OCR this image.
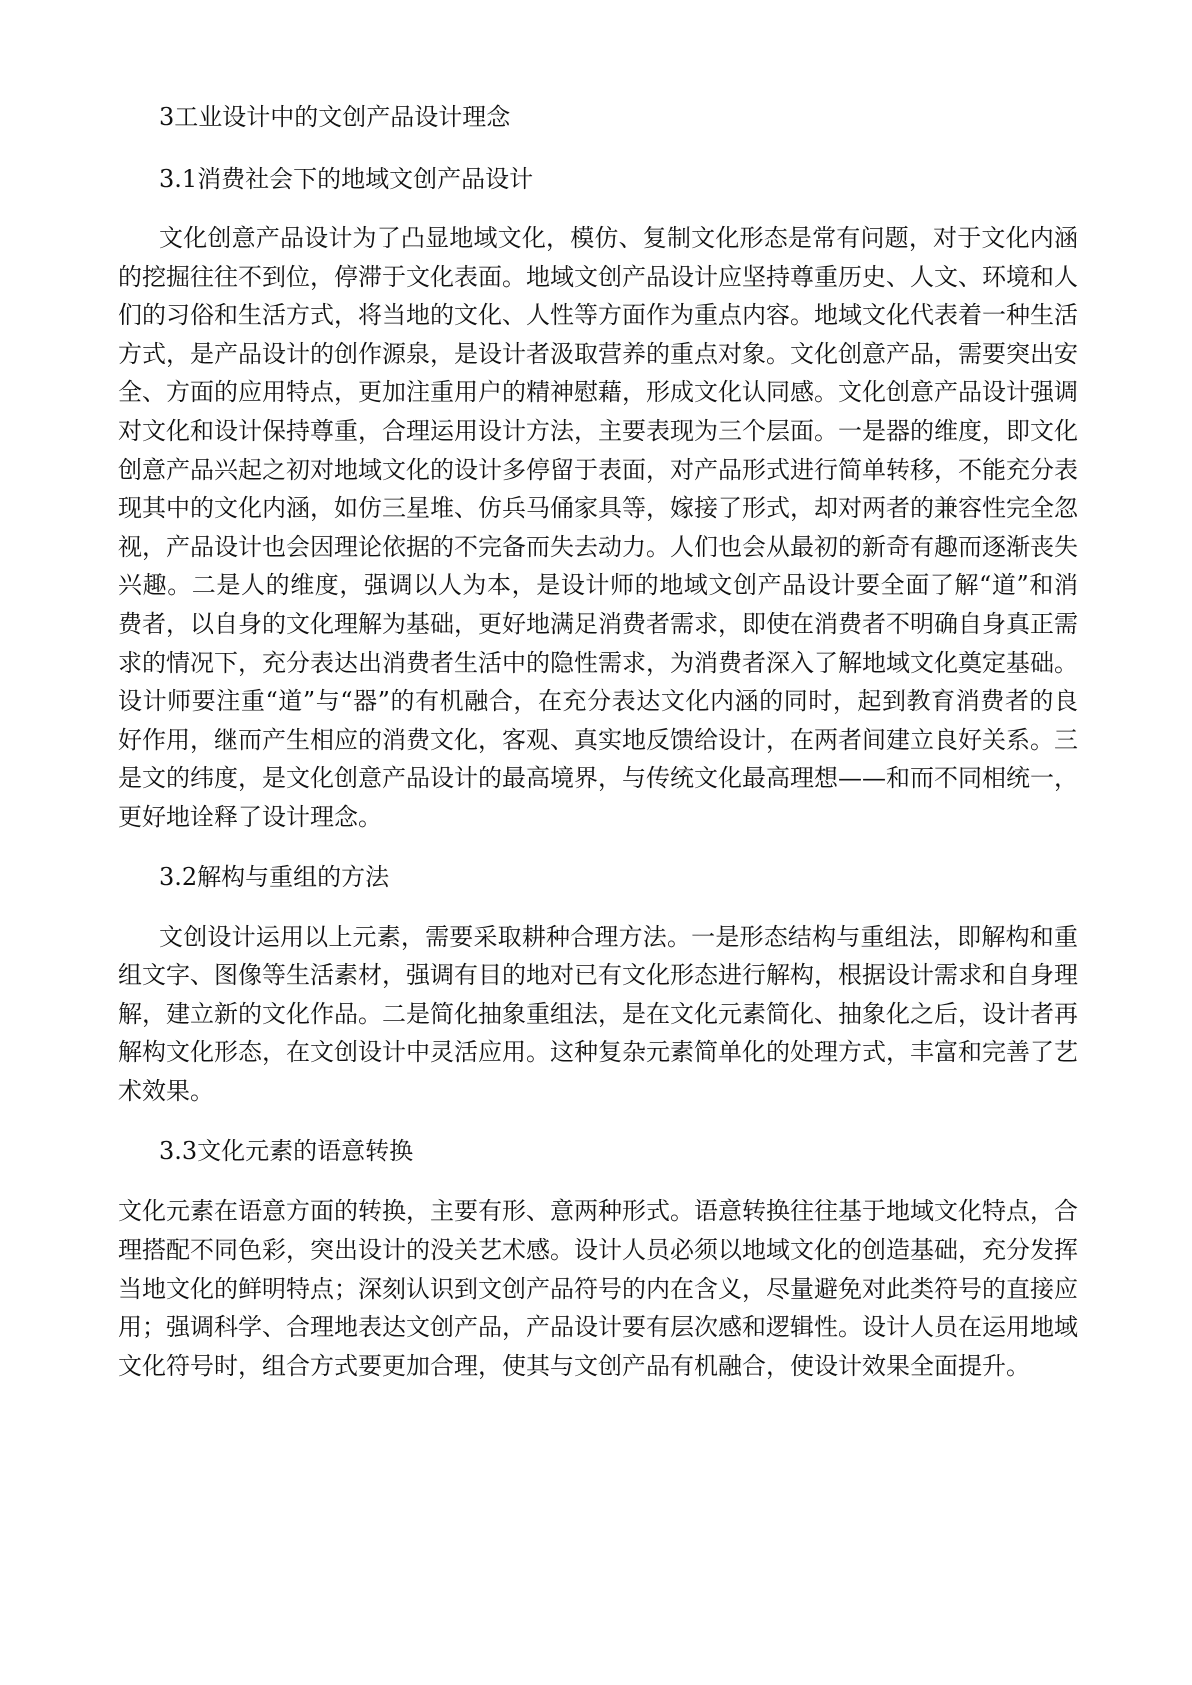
3工业设计中的文创产品设计理念
3.1消费社会下的地域文创产品设计

文化创意产品设计为了凸显地域文化，模仿、复制文化形态是常有问题，对于文化内涵的挖掘往往不到位，停滞于文化表面。地域文创产品设计应坚持尊重历史、人文、环境和人们的习俗和生活方式，将当地的文化、人性等方面作为重点内容。地域文化代表着一种生活方式，是产品设计的创作源泉，是设计者汲取营养的重点对象。文化创意产品，需要突出安全、方面的应用特点，更加注重用户的精神慰藉，形成文化认同感。文化创意产品设计强调对文化和设计保持尊重，合理运用设计方法，主要表现为三个层面。一是器的维度，即文化创意产品兴起之初对地域文化的设计多停留于表面，对产品形式进行简单转移，不能充分表现其中的文化内涵，如仿三星堆、仿兵马俑家具等，嫁接了形式，却对两者的兼容性完全忽视，产品设计也会因理论依据的不完备而失去动力。人们也会从最初的新奇有趣而逐渐丧失兴趣。二是人的维度，强调以人为本，是设计师的地域文创产品设计要全面了解“道”和消费者，以自身的文化理解为基础，更好地满足消费者需求，即使在消费者不明确自身真正需求的情况下，充分表达出消费者生活中的隐性需求，为消费者深入了解地域文化奠定基础。设计师要注重“道”与“器”的有机融合，在充分表达文化内涵的同时，起到教育消费者的良好作用，继而产生相应的消费文化，客观、真实地反馈给设计，在两者间建立良好关系。三是文的纬度，是文化创意产品设计的最高境界，与传统文化最高理想——和而不同相统一，更好地诠释了设计理念。

3.2解构与重组的方法

文创设计运用以上元素，需要采取耕种合理方法。一是形态结构与重组法，即解构和重组文字、图像等生活素材，强调有目的地对已有文化形态进行解构，根据设计需求和自身理解，建立新的文化作品。二是简化抽象重组法，是在文化元素简化、抽象化之后，设计者再解构文化形态，在文创设计中灵活应用。这种复杂元素简单化的处理方式，丰富和完善了艺术效果。

3.3文化元素的语意转换

文化元素在语意方面的转换，主要有形、意两种形式。语意转换往往基于地域文化特点，合理搭配不同色彩，突出设计的没关艺术感。设计人员必须以地域文化的创造基础，充分发挥当地文化的鲜明特点；深刻认识到文创产品符号的内在含义，尽量避免对此类符号的直接应用；强调科学、合理地表达文创产品，产品设计要有层次感和逻辑性。设计人员在运用地域文化符号时，组合方式要更加合理，使其与文创产品有机融合，使设计效果全面提升。
